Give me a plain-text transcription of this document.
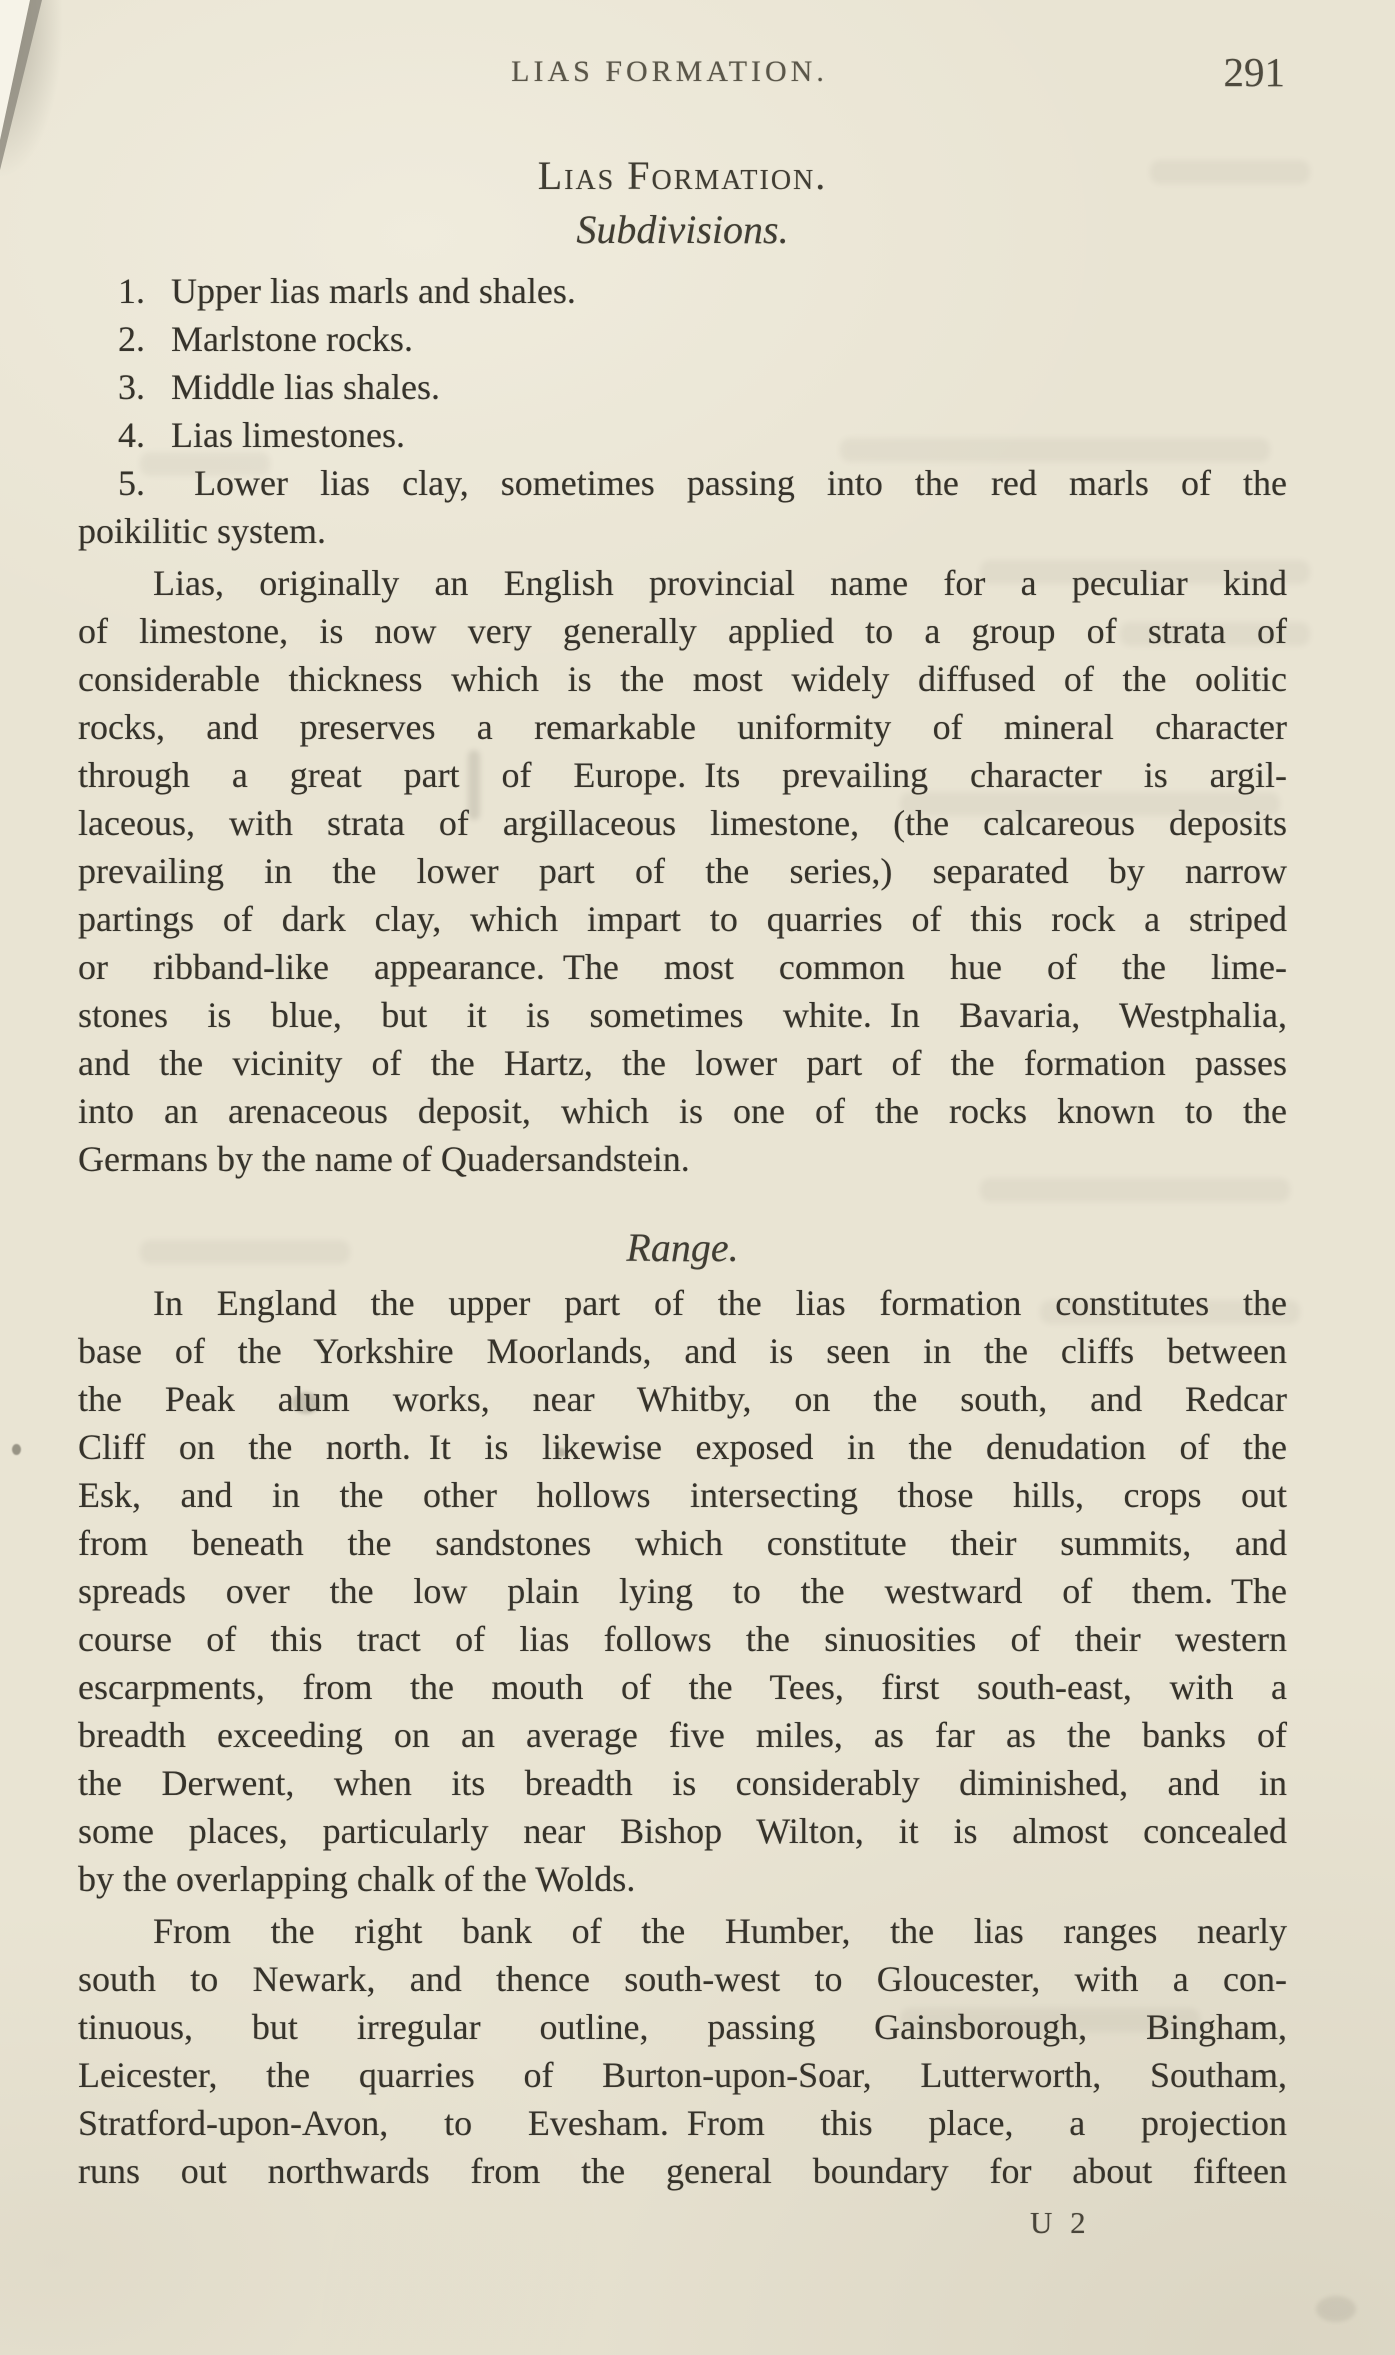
LIAS FORMATION.	291
Lias Formation.
Subdivisions.
1. Upper lias marls and shales.
2. Marlstone rocks.
3. Middle lias shales.
4. Lias limestones.
5. Lower lias clay, sometimes passing into the red marls of the
poikilitic system.
Lias, originally an English provincial name for a peculiar kind
of limestone, is now very generally applied to a group of strata of
considerable thickness which is the most widely diffused of the oolitic
rocks, and preserves a remarkable uniformity of mineral character
through a great part of Europe. Its prevailing character is argil-
laceous, with strata of argillaceous limestone, (the calcareous deposits
prevailing in the lower part of the series,) separated by narrow
partings of dark clay, which impart to quarries of this rock a striped
or ribband-like appearance. The most common hue of the lime-
stones is blue, but it is sometimes white. In Bavaria, Westphalia,
and the vicinity of the Hartz, the lower part of the formation passes
into an arenaceous deposit, which is one of the rocks known to the
Germans by the name of Quadersandstein.
Range.
In England the upper part of the lias formation constitutes the
base of the Yorkshire Moorlands, and is seen in the cliffs between
the Peak alum works, near Whitby, on the south, and Redcar
Cliff on the north. It is likewise exposed in the denudation of the
Esk, and in the other hollows intersecting those hills, crops out
from beneath the sandstones which constitute their summits, and
spreads over the low plain lying to the westward of them. The
course of this tract of lias follows the sinuosities of their western
escarpments, from the mouth of the Tees, first south-east, with a
breadth exceeding on an average five miles, as far as the banks of
the Derwent, when its breadth is considerably diminished, and in
some places, particularly near Bishop Wilton, it is almost concealed
by the overlapping chalk of the Wolds.
From the right bank of the Humber, the lias ranges nearly
south to Newark, and thence south-west to Gloucester, with a con-
tinuous, but irregular outline, passing Gainsborough, Bingham,
Leicester, the quarries of Burton-upon-Soar, Lutterworth, Southam,
Stratford-upon-Avon, to Evesham. From this place, a projection
runs out northwards from the general boundary for about fifteen
U 2
